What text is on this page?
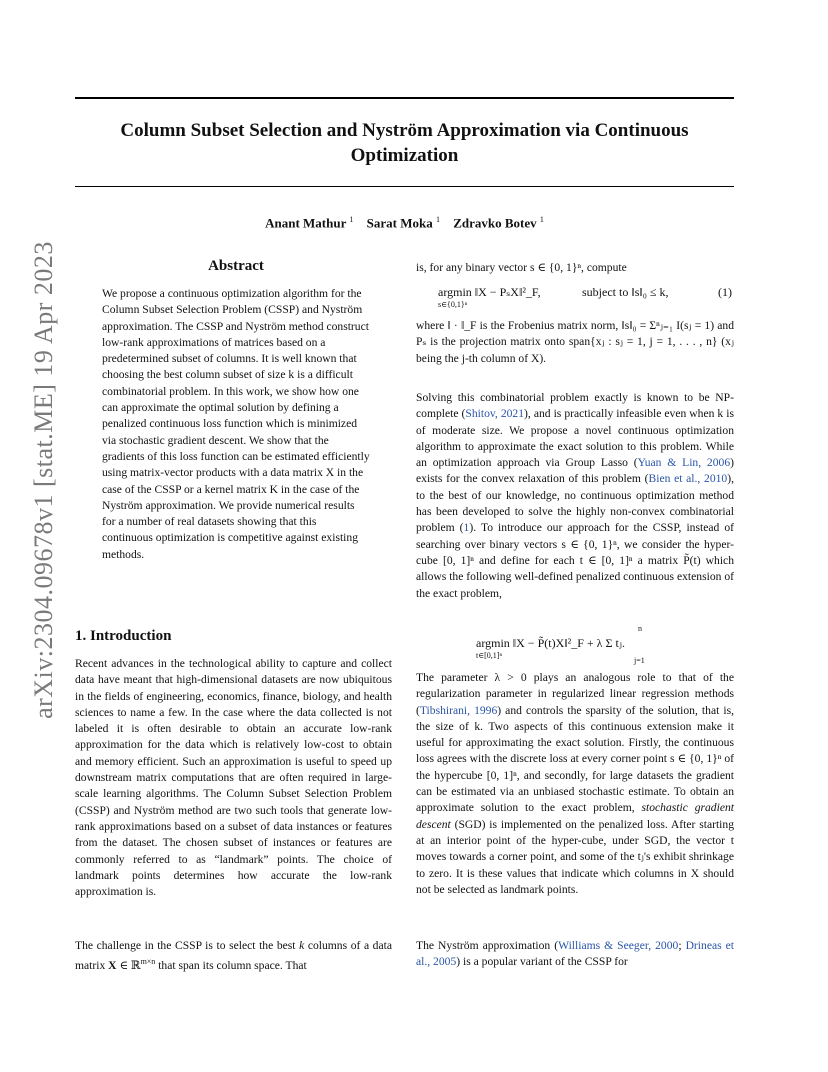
arXiv:2304.09678v1 [stat.ME] 19 Apr 2023
Column Subset Selection and Nyström Approximation via Continuous Optimization
Anant Mathur $^1$ Sarat Moka $^1$ Zdravko Botev $^1$
Abstract

We propose a continuous optimization algorithm for the Column Subset Selection Problem (CSSP) and Nyström approximation. The CSSP and Nyström method construct low-rank approximations of matrices based on a predetermined subset of columns. It is well known that choosing the best column subset of size k is a difficult combinatorial problem. In this work, we show how one can approximate the optimal solution by defining a penalized continuous loss function which is minimized via stochastic gradient descent. We show that the gradients of this loss function can be estimated efficiently using matrix-vector products with a data matrix X in the case of the CSSP or a kernel matrix K in the case of the Nyström approximation. We provide numerical results for a number of real datasets showing that this continuous optimization is competitive against existing methods.

1. Introduction

Recent advances in the technological ability to capture and collect data have meant that high-dimensional datasets are now ubiquitous in the fields of engineering, economics, finance, biology, and health sciences to name a few. In the case where the data collected is not labeled it is often desirable to obtain an accurate low-rank approximation for the data which is relatively low-cost to obtain and memory efficient. Such an approximation is useful to speed up downstream matrix computations that are often required in large-scale learning algorithms. The Column Subset Selection Problem (CSSP) and Nyström method are two such tools that generate low-rank approximations based on a subset of data instances or features from the dataset. The chosen subset of instances or features are commonly referred to as “landmark” points. The choice of landmark points determines how accurate the low-rank approximation is.

The challenge in the CSSP is to select the best k columns of a data matrix X ∈ ℝ$^{m\times n}$ that span its column space. That

is, for any binary vector s ∈ {0, 1}ⁿ, compute

argmin ‖X − PₛX‖²_F,
s∈{0,1}ⁿ
subject to ‖s‖₀ ≤ k,	(1)

where ‖ · ‖_F is the Frobenius matrix norm, ‖s‖₀ = Σⁿⱼ₌₁ I(sⱼ = 1) and Pₛ is the projection matrix onto span{xⱼ : sⱼ = 1, j = 1, . . . , n} (xⱼ being the j-th column of X).

Solving this combinatorial problem exactly is known to be NP-complete (Shitov, 2021), and is practically infeasible even when k is of moderate size. We propose a novel continuous optimization algorithm to approximate the exact solution to this problem. While an optimization approach via Group Lasso (Yuan & Lin, 2006) exists for the convex relaxation of this problem (Bien et al., 2010), to the best of our knowledge, no continuous optimization method has been developed to solve the highly non-convex combinatorial problem (1). To introduce our approach for the CSSP, instead of searching over binary vectors s ∈ {0, 1}ⁿ, we consider the hyper-cube [0, 1]ⁿ and define for each t ∈ [0, 1]ⁿ a matrix P̃(t) which allows the following well-defined penalized continuous extension of the exact problem,

n
argmin ‖X − P̃(t)X‖²_F + λ Σ tⱼ.
t∈[0,1]ⁿ
j=1

The parameter λ > 0 plays an analogous role to that of the regularization parameter in regularized linear regression methods (Tibshirani, 1996) and controls the sparsity of the solution, that is, the size of k. Two aspects of this continuous extension make it useful for approximating the exact solution. Firstly, the continuous loss agrees with the discrete loss at every corner point s ∈ {0, 1}ⁿ of the hypercube [0, 1]ⁿ, and secondly, for large datasets the gradient can be estimated via an unbiased stochastic estimate. To obtain an approximate solution to the exact problem, stochastic gradient descent (SGD) is implemented on the penalized loss. After starting at an interior point of the hyper-cube, under SGD, the vector t moves towards a corner point, and some of the tⱼ's exhibit shrinkage to zero. It is these values that indicate which columns in X should not be selected as landmark points.

The Nyström approximation (Williams & Seeger, 2000; Drineas et al., 2005) is a popular variant of the CSSP for
